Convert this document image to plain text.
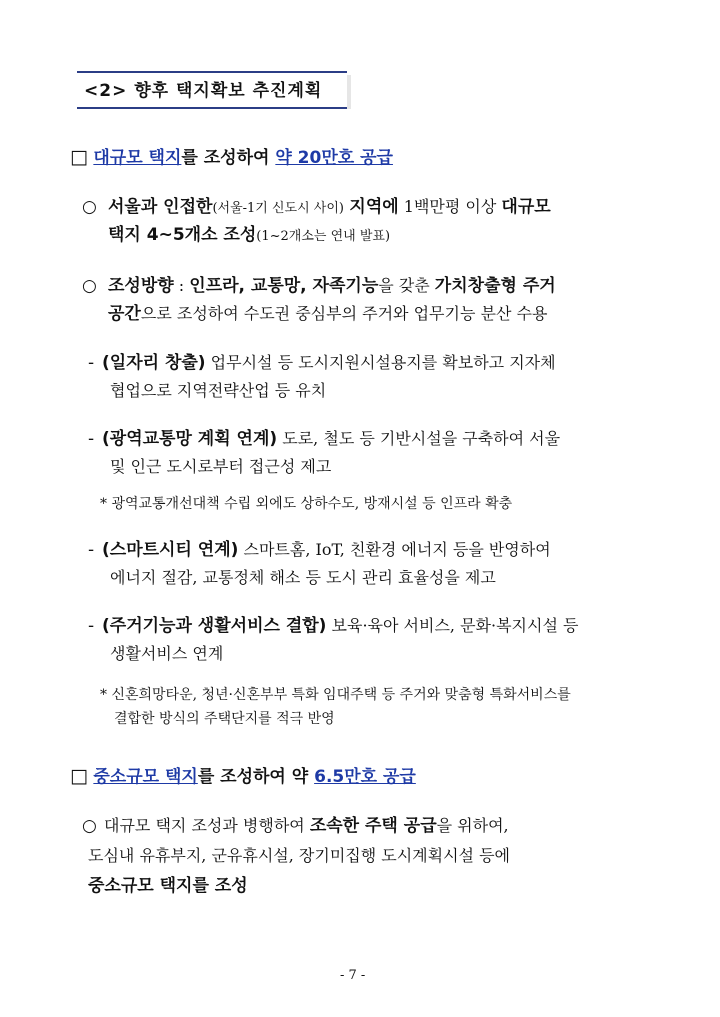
<2> 향후 택지확보 추진계획
□ 대규모 택지를 조성하여 약 20만호 공급
○ 서울과 인접한(서울-1기 신도시 사이) 지역에 1백만평 이상 대규모
택지 4~5개소 조성(1~2개소는 연내 발표)
○ 조성방향 : 인프라, 교통망, 자족기능을 갖춘 가치창출형 주거
공간으로 조성하여 수도권 중심부의 주거와 업무기능 분산 수용
- (일자리 창출) 업무시설 등 도시지원시설용지를 확보하고 지자체
협업으로 지역전략산업 등 유치
- (광역교통망 계획 연계) 도로, 철도 등 기반시설을 구축하여 서울
및 인근 도시로부터 접근성 제고
* 광역교통개선대책 수립 외에도 상하수도, 방재시설 등 인프라 확충
- (스마트시티 연계) 스마트홈, IoT, 친환경 에너지 등을 반영하여
에너지 절감, 교통정체 해소 등 도시 관리 효율성을 제고
- (주거기능과 생활서비스 결합) 보육·육아 서비스, 문화·복지시설 등
생활서비스 연계
* 신혼희망타운, 청년·신혼부부 특화 임대주택 등 주거와 맞춤형 특화서비스를
결합한 방식의 주택단지를 적극 반영
□ 중소규모 택지를 조성하여 약 6.5만호 공급
○ 대규모 택지 조성과 병행하여 조속한 주택 공급을 위하여,
도심내 유휴부지, 군유휴시설, 장기미집행 도시계획시설 등에
중소규모 택지를 조성
- 7 -
